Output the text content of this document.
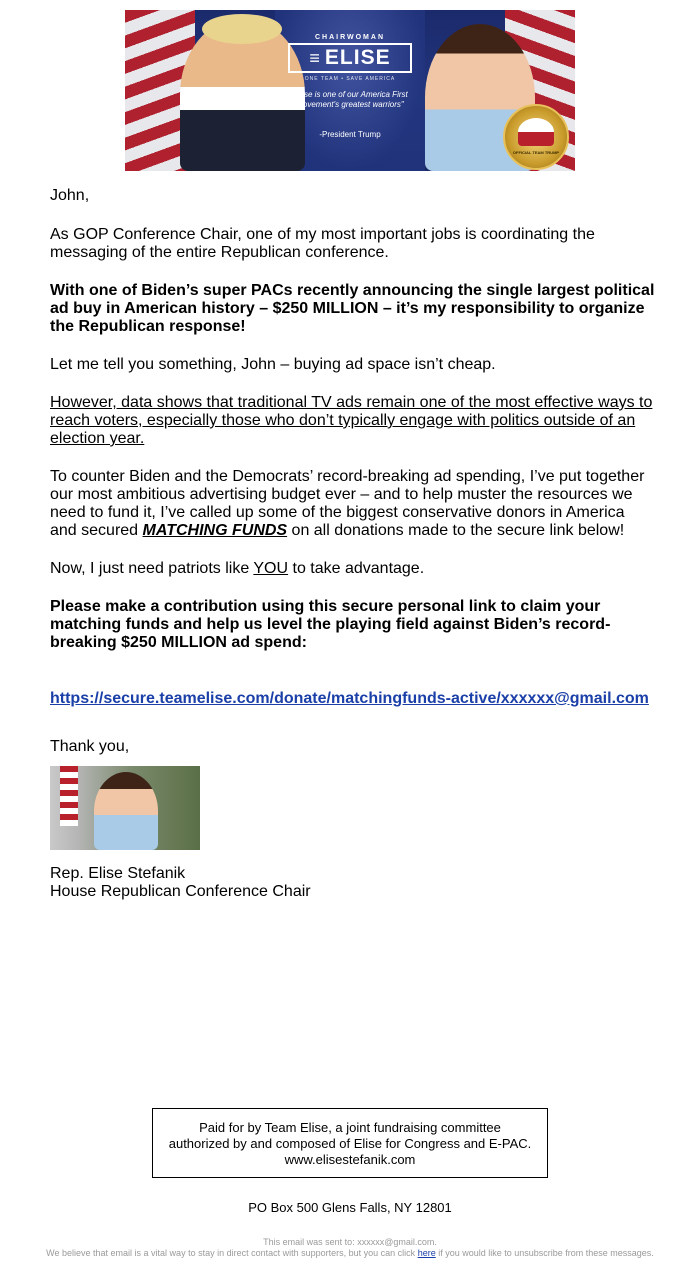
CHAIRWOMAN
≡ ELISE
ONE TEAM • SAVE AMERICA
"Elise is one of our America First movement's greatest warriors"
-President Trump
OFFICIAL TEAM TRUMP

John,

As GOP Conference Chair, one of my most important jobs is coordinating the messaging of the entire Republican conference.

With one of Biden’s super PACs recently announcing the single largest political ad buy in American history – $250 MILLION – it’s my responsibility to organize the Republican response!

Let me tell you something, John – buying ad space isn’t cheap.

However, data shows that traditional TV ads remain one of the most effective ways to reach voters, especially those who don’t typically engage with politics outside of an election year.

To counter Biden and the Democrats’ record-breaking ad spending, I’ve put together our most ambitious advertising budget ever – and to help muster the resources we need to fund it, I’ve called up some of the biggest conservative donors in America and secured MATCHING FUNDS on all donations made to the secure link below!

Now, I just need patriots like YOU to take advantage.

Please make a contribution using this secure personal link to claim your matching funds and help us level the playing field against Biden’s record-breaking $250 MILLION ad spend:

https://secure.teamelise.com/donate/matchingfunds-active/xxxxxx@gmail.com

Thank you,

Rep. Elise Stefanik

House Republican Conference Chair

Paid for by Team Elise, a joint fundraising committee authorized by and composed of Elise for Congress and E-PAC. www.elisestefanik.com
PO Box 500 Glens Falls, NY 12801
This email was sent to: xxxxxx@gmail.com.
We believe that email is a vital way to stay in direct contact with supporters, but you can click here if you would like to unsubscribe from these messages.
